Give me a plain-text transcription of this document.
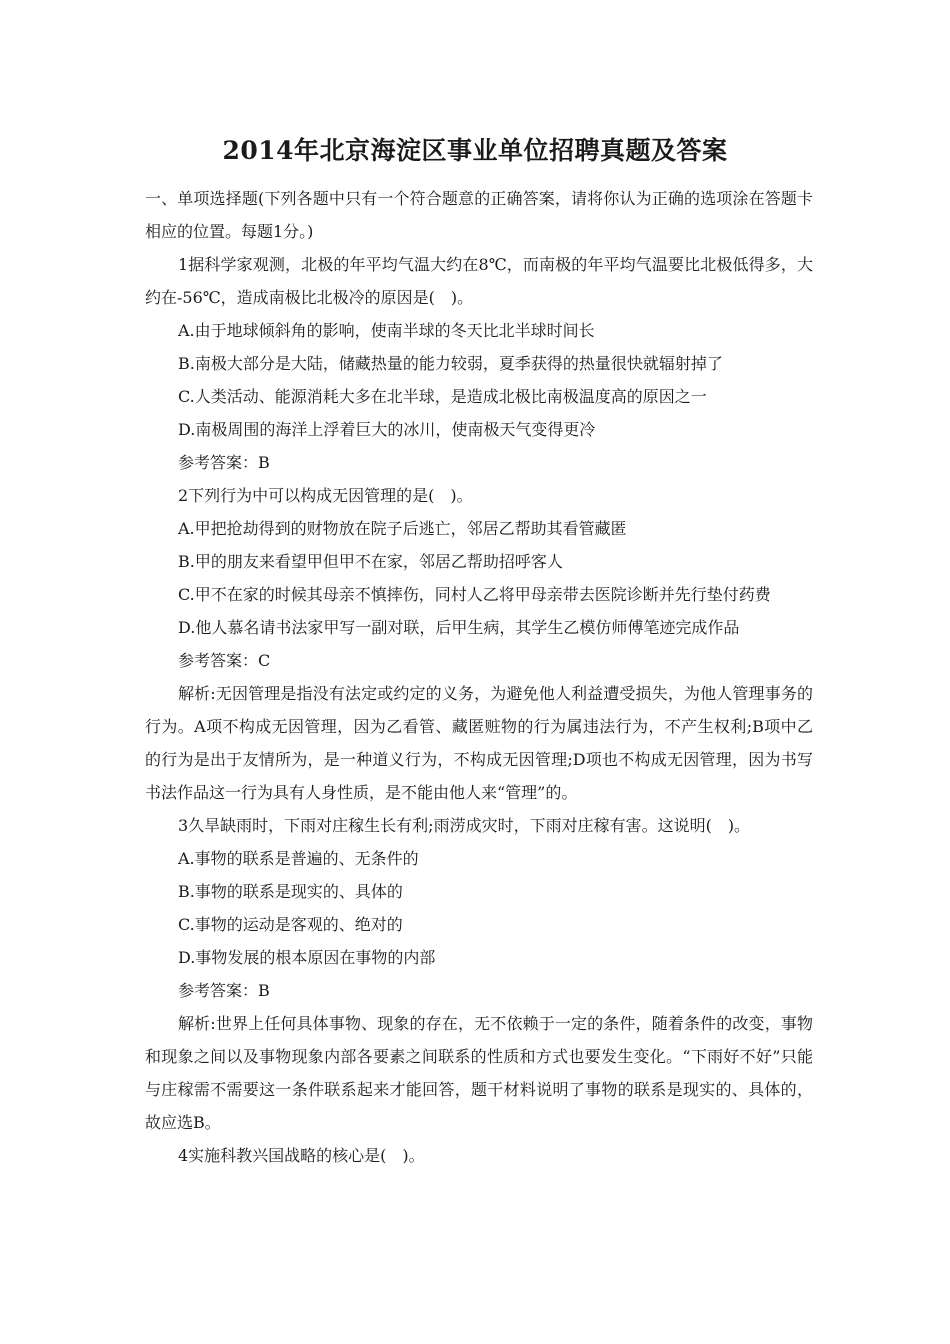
2014年北京海淀区事业单位招聘真题及答案

一、单项选择题(下列各题中只有一个符合题意的正确答案，请将你认为正确的选项涂在答题卡相应的位置。每题1分。)

1据科学家观测，北极的年平均气温大约在8℃，而南极的年平均气温要比北极低得多，大约在-56℃，造成南极比北极冷的原因是(　)。

A.由于地球倾斜角的影响，使南半球的冬天比北半球时间长

B.南极大部分是大陆，储藏热量的能力较弱，夏季获得的热量很快就辐射掉了

C.人类活动、能源消耗大多在北半球，是造成北极比南极温度高的原因之一

D.南极周围的海洋上浮着巨大的冰川，使南极天气变得更冷

参考答案：B

2下列行为中可以构成无因管理的是(　)。

A.甲把抢劫得到的财物放在院子后逃亡，邻居乙帮助其看管藏匿

B.甲的朋友来看望甲但甲不在家，邻居乙帮助招呼客人

C.甲不在家的时候其母亲不慎摔伤，同村人乙将甲母亲带去医院诊断并先行垫付药费

D.他人慕名请书法家甲写一副对联，后甲生病，其学生乙模仿师傅笔迹完成作品

参考答案：C

解析:无因管理是指没有法定或约定的义务，为避免他人利益遭受损失，为他人管理事务的行为。A项不构成无因管理，因为乙看管、藏匿赃物的行为属违法行为，不产生权利;B项中乙的行为是出于友情所为，是一种道义行为，不构成无因管理;D项也不构成无因管理，因为书写书法作品这一行为具有人身性质，是不能由他人来“管理”的。

3久旱缺雨时，下雨对庄稼生长有利;雨涝成灾时，下雨对庄稼有害。这说明(　)。

A.事物的联系是普遍的、无条件的

B.事物的联系是现实的、具体的

C.事物的运动是客观的、绝对的

D.事物发展的根本原因在事物的内部

参考答案：B

解析:世界上任何具体事物、现象的存在，无不依赖于一定的条件，随着条件的改变，事物和现象之间以及事物现象内部各要素之间联系的性质和方式也要发生变化。“下雨好不好”只能与庄稼需不需要这一条件联系起来才能回答，题干材料说明了事物的联系是现实的、具体的，故应选B。

4实施科教兴国战略的核心是(　)。
